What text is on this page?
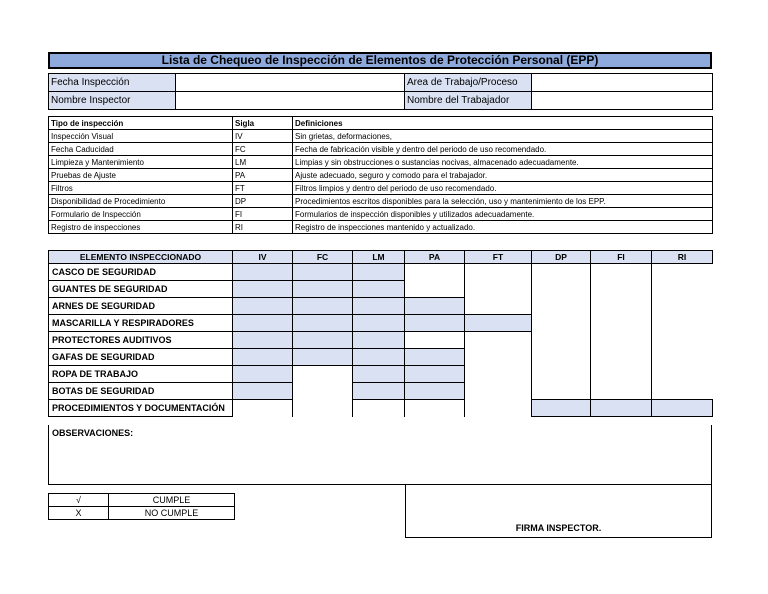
Lista de Chequeo de Inspección de Elementos de Protección Personal (EPP)
Fecha Inspección		Area de Trabajo/Proceso	
Nombre Inspector		Nombre del Trabajador	
Tipo de inspección	Sigla	Definiciones
Inspección Visual	IV	Sin grietas, deformaciones,
Fecha Caducidad	FC	Fecha de fabricación visible y dentro del periodo de uso recomendado.
Limpieza y Mantenimiento	LM	Limpias y sin obstrucciones o sustancias nocivas, almacenado adecuadamente.
Pruebas de Ajuste	PA	Ajuste adecuado, seguro y comodo para el trabajador.
Filtros	FT	Filtros limpios y dentro del periodo de uso recomendado.
Disponibilidad de Procedimiento	DP	Procedimientos escritos disponibles para la selección, uso y mantenimiento de los EPP.
Formulario de Inspección	FI	Formularios de inspección disponibles y utilizados adecuadamente.
Registro de inspecciones	RI	Registro de inspecciones mantenido y actualizado.
ELEMENTO INSPECCIONADO	IV	FC	LM	PA	FT	DP	FI	RI
CASCO DE SEGURIDAD								
GUANTES DE SEGURIDAD								
ARNES DE SEGURIDAD								
MASCARILLA Y RESPIRADORES								
PROTECTORES AUDITIVOS								
GAFAS DE SEGURIDAD								
ROPA DE TRABAJO								
BOTAS DE SEGURIDAD								
PROCEDIMIENTOS Y DOCUMENTACIÓN								
OBSERVACIONES:
√	CUMPLE
X	NO CUMPLE
FIRMA INSPECTOR.
